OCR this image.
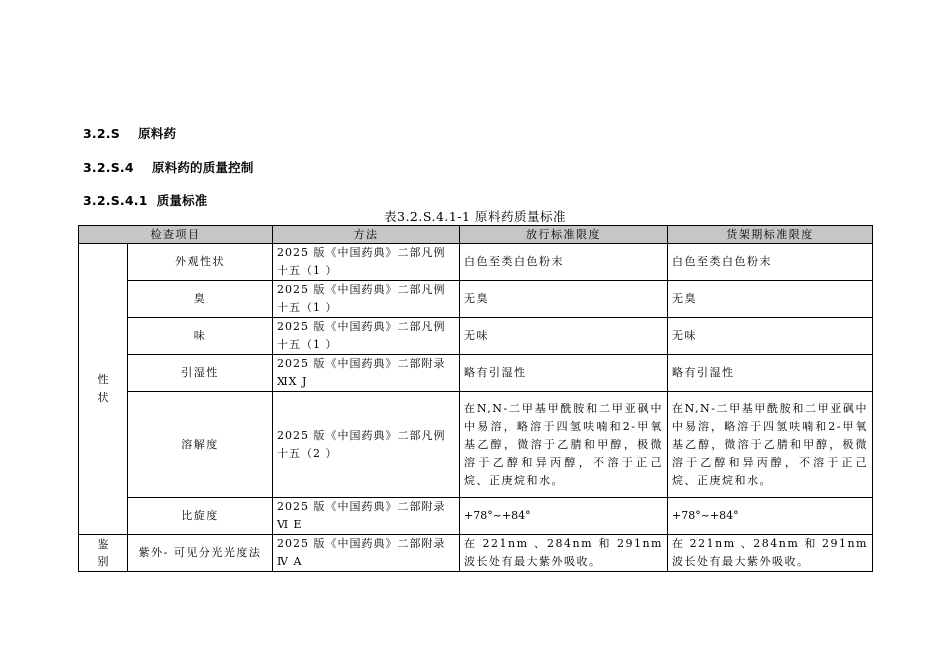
3.2.S    原料药
3.2.S.4    原料药的质量控制
3.2.S.4.1  质量标准
表3.2.S.4.1-1 原料药质量标准
检查项目		方法	放行标准限度	货架期标准限度
性状	外观性状	2025 版《中国药典》二部凡例十五（1 ）	白色至类白色粉末	白色至类白色粉末
	臭	2025 版《中国药典》二部凡例十五（1 ）	无臭	无臭
	味	2025 版《中国药典》二部凡例十五（1 ）	无味	无味
	引湿性	2025 版《中国药典》二部附录ⅪⅩ J	略有引湿性	略有引湿性
	溶解度	2025 版《中国药典》二部凡例十五（2 ）	在N,N-二甲基甲酰胺和二甲亚砜中中易溶，略溶于四氢呋喃和2-甲氧基乙醇，微溶于乙腈和甲醇，极微溶于乙醇和异丙醇，不溶于正己烷、正庚烷和水。	在N,N-二甲基甲酰胺和二甲亚砜中中易溶，略溶于四氢呋喃和2-甲氧基乙醇，微溶于乙腈和甲醇，极微溶于乙醇和异丙醇，不溶于正己烷、正庚烷和水。
	比旋度	2025 版《中国药典》二部附录Ⅵ E	+78°~+84°	+78°~+84°
鉴别	紫外- 可见分光光度法	2025 版《中国药典》二部附录Ⅳ A	在 221nm 、284nm 和 291nm 波长处有最大紫外吸收。	在 221nm 、284nm 和 291nm 波长处有最大紫外吸收。
